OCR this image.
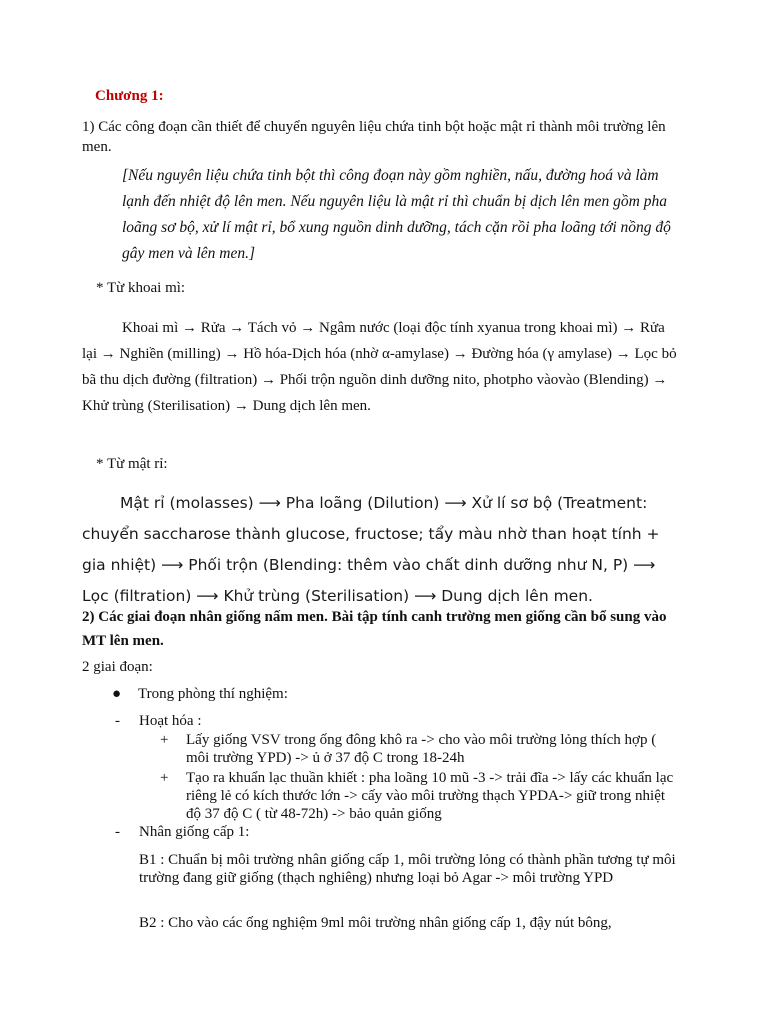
Chương 1:

1) Các công đoạn cần thiết để chuyển nguyên liệu chứa tinh bột hoặc mật rỉ thành môi trường lên men.

[Nếu nguyên liệu chứa tinh bột thì công đoạn này gồm nghiền, nấu, đường hoá và làm lạnh đến nhiệt độ lên men. Nếu nguyên liệu là mật rỉ thì chuẩn bị dịch lên men gồm pha loãng sơ bộ, xử lí mật rỉ, bổ xung nguồn dinh dưỡng, tách cặn rồi pha loãng tới nồng độ gây men và lên men.]

* Từ khoai mì:

Khoai mì → Rửa → Tách vỏ → Ngâm nước (loại độc tính xyanua trong khoai mì) → Rửa lại → Nghiền (milling) → Hồ hóa-Dịch hóa (nhờ α-amylase) → Đường hóa (γ amylase) → Lọc bỏ bã thu dịch đường (filtration) → Phối trộn nguồn dinh dưỡng nito, photpho vàovào (Blending) → Khử trùng (Sterilisation) → Dung dịch lên men.

* Từ mật rỉ:

Mật rỉ (molasses) ⟶ Pha loãng (Dilution) ⟶ Xử lí sơ bộ (Treatment: chuyển saccharose thành glucose, fructose; tẩy màu nhờ than hoạt tính + gia nhiệt) ⟶ Phối trộn (Blending: thêm vào chất dinh dưỡng như N, P) ⟶ Lọc (filtration) ⟶ Khử trùng (Sterilisation) ⟶ Dung dịch lên men.

2) Các giai đoạn nhân giống nấm men. Bài tập tính canh trường men giống cần bổ sung vào MT lên men.

2 giai đoạn:

● Trong phòng thí nghiệm:
- Hoạt hóa :
+	Lấy giống VSV trong ống đông khô ra -> cho vào môi trường lỏng thích hợp ( môi trường YPD) -> ủ ở 37 độ C trong 18-24h
+	Tạo ra khuẩn lạc thuần khiết : pha loãng 10 mũ -3 -> trải đĩa -> lấy các khuẩn lạc riêng lẻ có kích thước lớn -> cấy vào môi trường thạch YPDA-> giữ trong nhiệt độ 37 độ C ( từ 48-72h) -> bảo quản giống
- Nhân giống cấp 1:

B1 : Chuẩn bị môi trường nhân giống cấp 1, môi trường lỏng có thành phần tương tự môi trường đang giữ giống (thạch nghiêng) nhưng loại bỏ Agar -> môi trường YPD

B2 : Cho vào các ống nghiệm 9ml môi trường nhân giống cấp 1, đậy nút bông,
